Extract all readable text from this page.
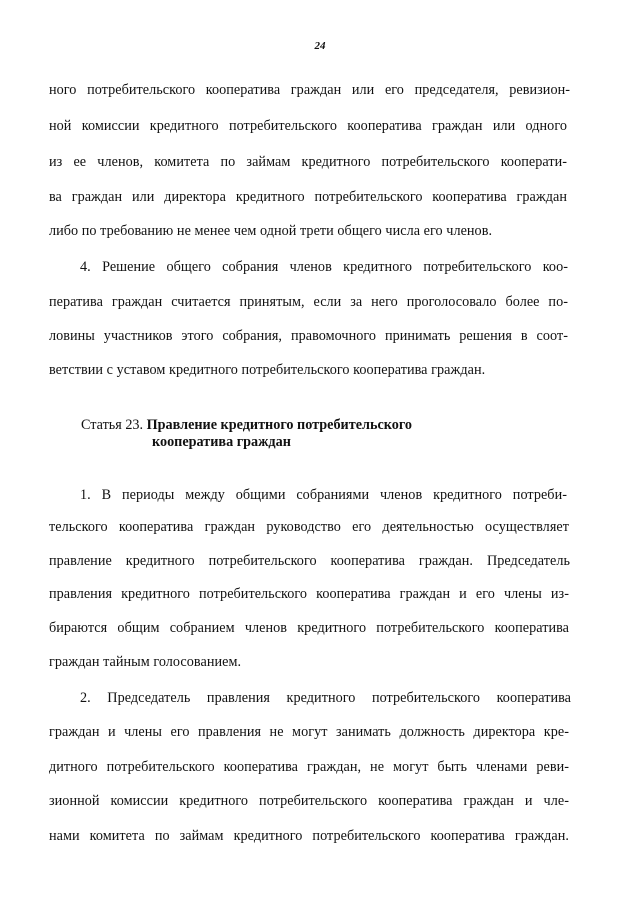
24
ного потребительского кооператива граждан или его председателя, ревизион-
ной комиссии кредитного потребительского кооператива граждан или одного
из ее членов, комитета по займам кредитного потребительского кооперати-
ва граждан или директора кредитного потребительского кооператива граждан
либо по требованию не менее чем одной трети общего числа его членов.
4. Решение общего собрания членов кредитного потребительского коо-
ператива граждан считается принятым, если за него проголосовало более по-
ловины участников этого собрания, правомочного принимать решения в соот-
ветствии с уставом кредитного потребительского кооператива граждан.
Статья 23. Правление кредитного потребительского
кооператива граждан
1. В периоды между общими собраниями членов кредитного потреби-
тельского кооператива граждан руководство его деятельностью осуществляет
правление кредитного потребительского кооператива граждан. Председатель
правления кредитного потребительского кооператива граждан и его члены из-
бираются общим собранием членов кредитного потребительского кооператива
граждан тайным голосованием.
2. Председатель правления кредитного потребительского кооператива
граждан и члены его правления не могут занимать должность директора кре-
дитного потребительского кооператива граждан, не могут быть членами реви-
зионной комиссии кредитного потребительского кооператива граждан и чле-
нами комитета по займам кредитного потребительского кооператива граждан.
